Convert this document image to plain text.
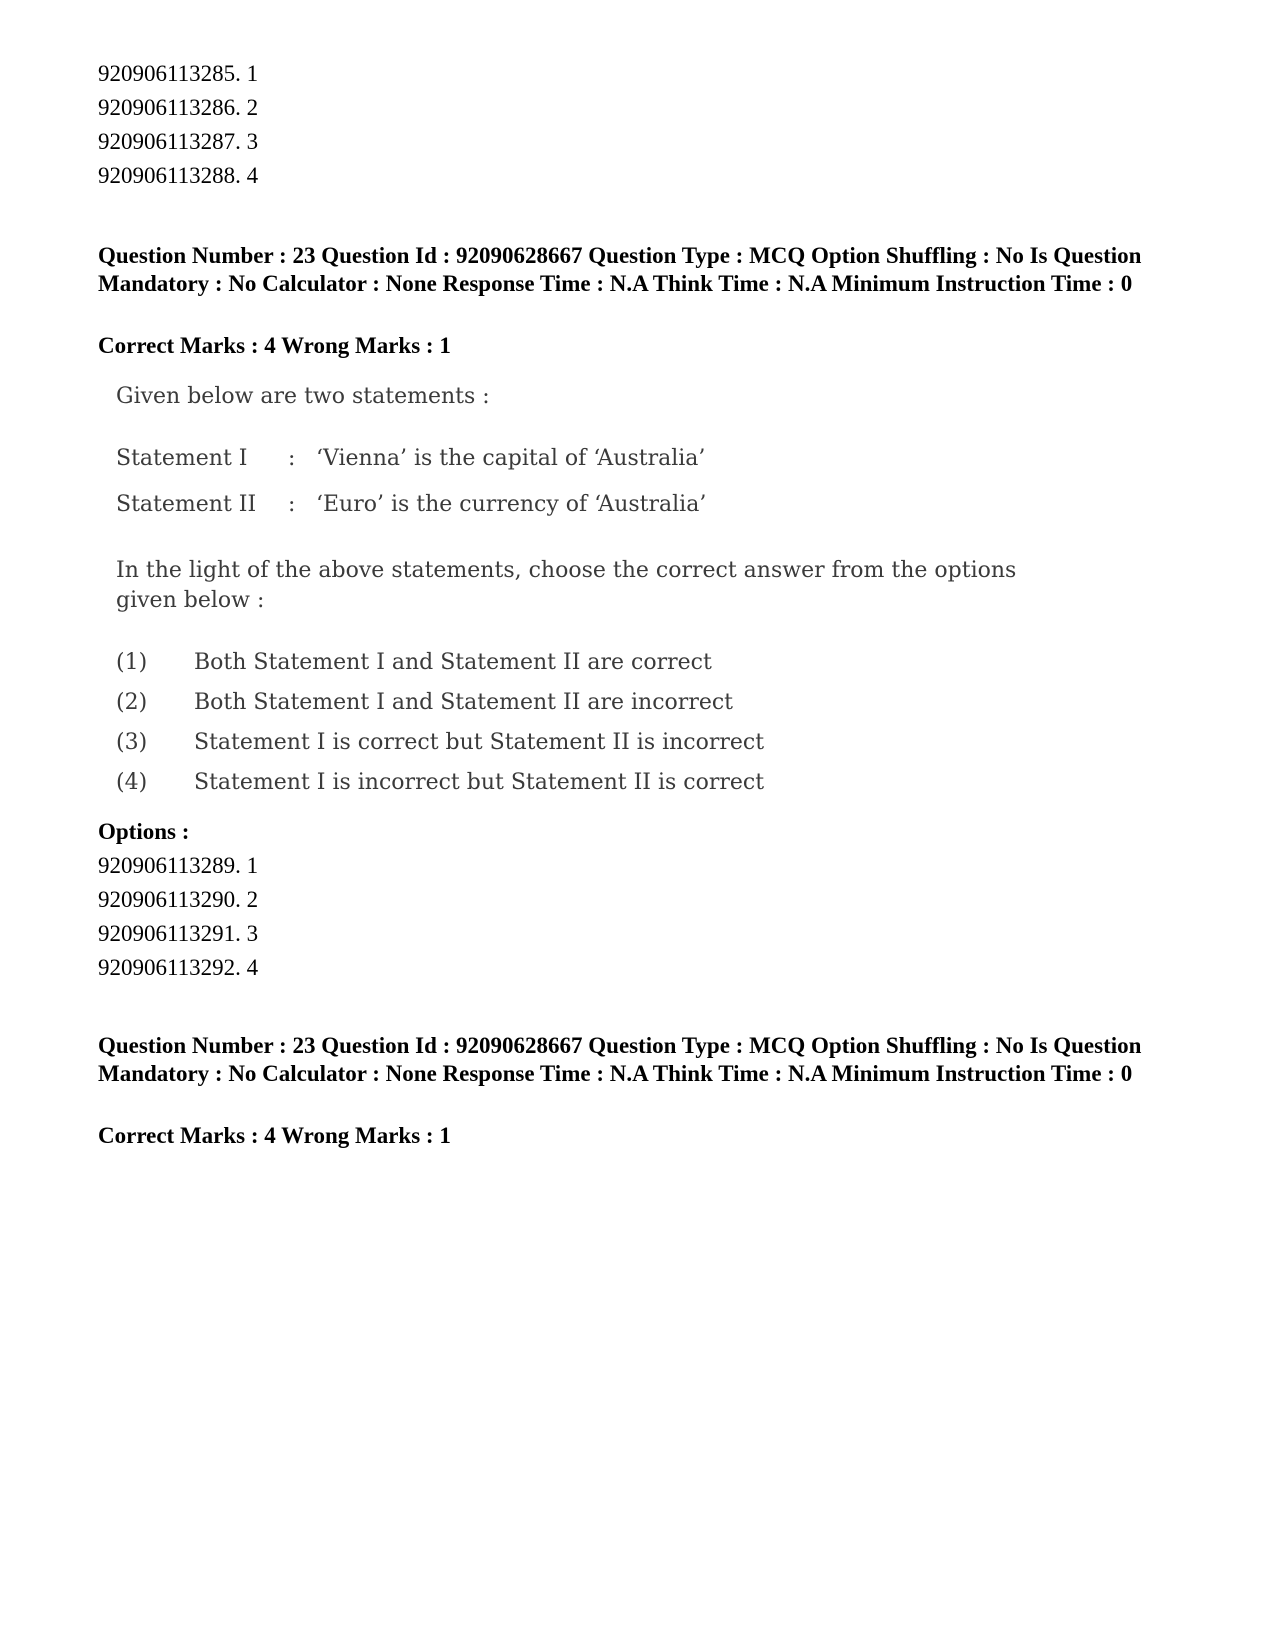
920906113285. 1
920906113286. 2
920906113287. 3
920906113288. 4
Question Number : 23 Question Id : 92090628667 Question Type : MCQ Option Shuffling : No Is Question Mandatory : No Calculator : None Response Time : N.A Think Time : N.A Minimum Instruction Time : 0
Correct Marks : 4 Wrong Marks : 1
Given below are two statements :
Statement I : ‘Vienna’ is the capital of ‘Australia’
Statement II : ‘Euro’ is the currency of ‘Australia’
In the light of the above statements, choose the correct answer from the options given below :
(1) Both Statement I and Statement II are correct
(2) Both Statement I and Statement II are incorrect
(3) Statement I is correct but Statement II is incorrect
(4) Statement I is incorrect but Statement II is correct
Options :
920906113289. 1
920906113290. 2
920906113291. 3
920906113292. 4
Question Number : 23 Question Id : 92090628667 Question Type : MCQ Option Shuffling : No Is Question Mandatory : No Calculator : None Response Time : N.A Think Time : N.A Minimum Instruction Time : 0
Correct Marks : 4 Wrong Marks : 1
